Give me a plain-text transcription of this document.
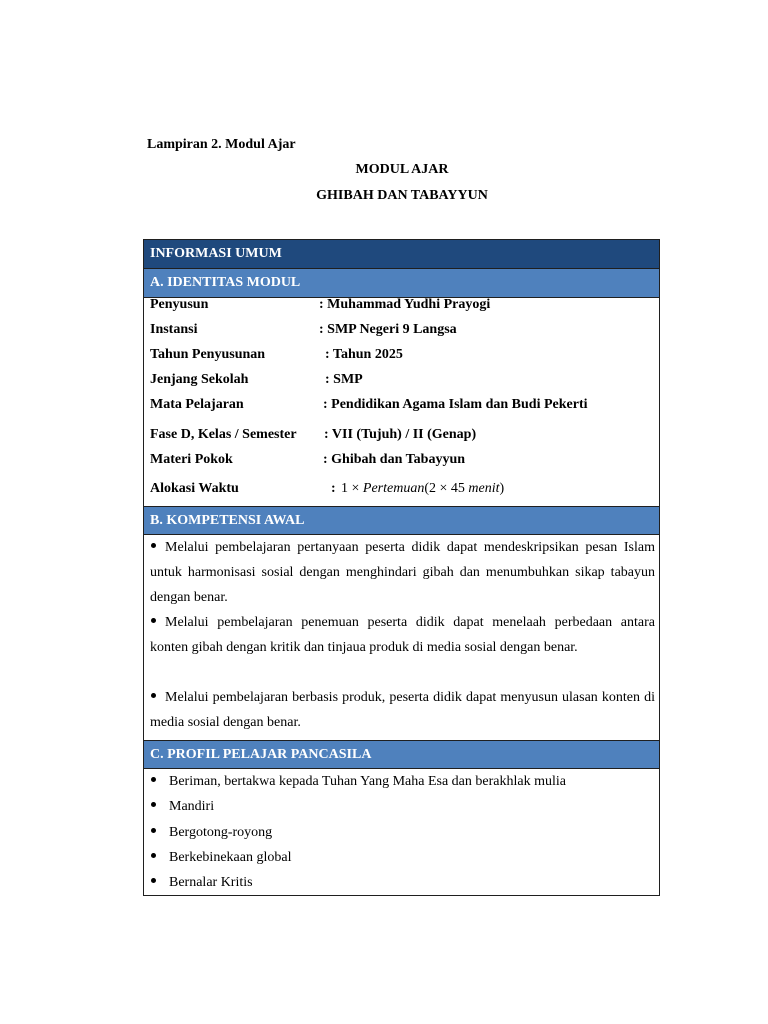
Lampiran 2. Modul Ajar
MODUL AJAR
GHIBAH DAN TABAYYUN
INFORMASI UMUM
A. IDENTITAS MODUL
Penyusun	: Muhammad Yudhi Prayogi
Instansi	: SMP Negeri 9 Langsa
Tahun Penyusunan	: Tahun 2025
Jenjang Sekolah	: SMP
Mata Pelajaran	: Pendidikan Agama Islam dan Budi Pekerti
Fase D, Kelas / Semester : VII (Tujuh) / II (Genap)
Materi Pokok	: Ghibah dan Tabayyun
Alokasi Waktu	: 1 × Pertemuan(2 × 45 menit)
B. KOMPETENSI AWAL
Melalui pembelajaran pertanyaan peserta didik dapat mendeskripsikan pesan Islam untuk harmonisasi sosial dengan menghindari gibah dan menumbuhkan sikap tabayun dengan benar.
Melalui pembelajaran penemuan peserta didik dapat menelaah perbedaan antara konten gibah dengan kritik dan tinjaua produk di media sosial dengan benar.
Melalui pembelajaran berbasis produk, peserta didik dapat menyusun ulasan konten di media sosial dengan benar.
C. PROFIL PELAJAR PANCASILA
Beriman, bertakwa kepada Tuhan Yang Maha Esa dan berakhlak mulia
Mandiri
Bergotong-royong
Berkebinekaan global
Bernalar Kritis
